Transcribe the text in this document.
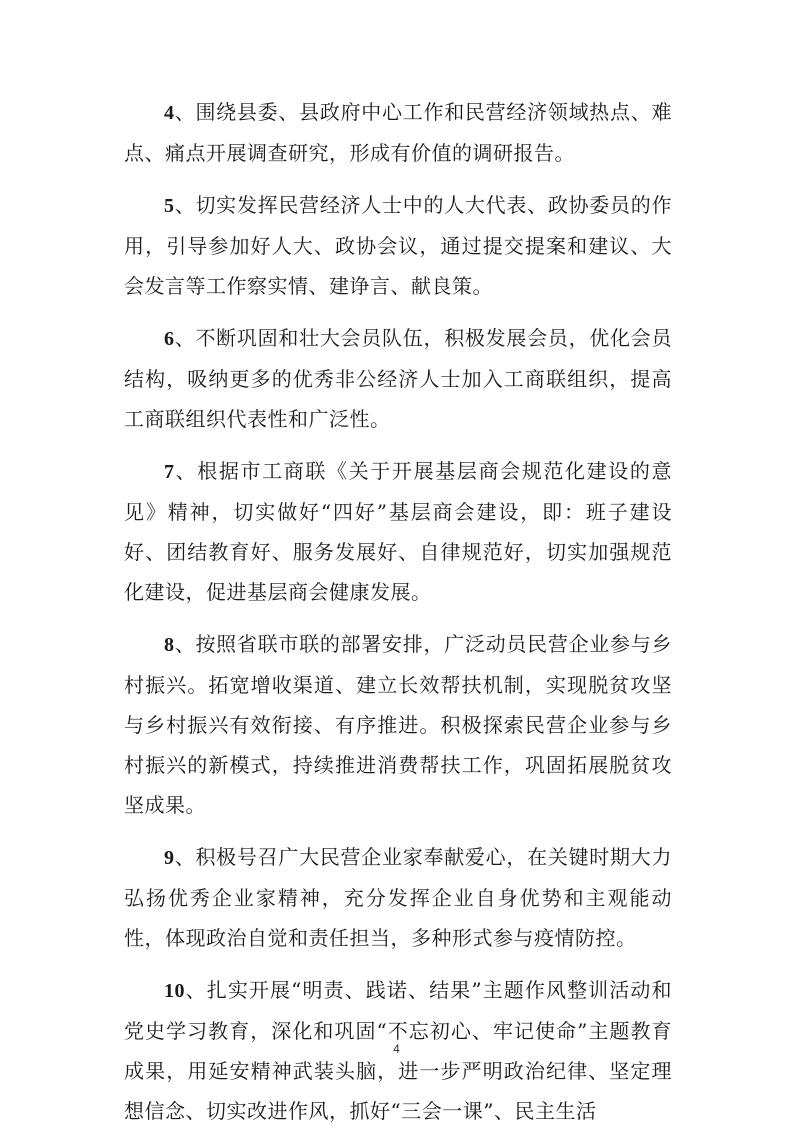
4、围绕县委、县政府中心工作和民营经济领域热点、难点、痛点开展调查研究，形成有价值的调研报告。

5、切实发挥民营经济人士中的人大代表、政协委员的作用，引导参加好人大、政协会议，通过提交提案和建议、大会发言等工作察实情、建诤言、献良策。

6、不断巩固和壮大会员队伍，积极发展会员，优化会员结构，吸纳更多的优秀非公经济人士加入工商联组织，提高工商联组织代表性和广泛性。

7、根据市工商联《关于开展基层商会规范化建设的意见》精神，切实做好“四好”基层商会建设，即：班子建设好、团结教育好、服务发展好、自律规范好，切实加强规范化建设，促进基层商会健康发展。

8、按照省联市联的部署安排，广泛动员民营企业参与乡村振兴。拓宽增收渠道、建立长效帮扶机制，实现脱贫攻坚与乡村振兴有效衔接、有序推进。积极探索民营企业参与乡村振兴的新模式，持续推进消费帮扶工作，巩固拓展脱贫攻坚成果。

9、积极号召广大民营企业家奉献爱心，在关键时期大力弘扬优秀企业家精神，充分发挥企业自身优势和主观能动性，体现政治自觉和责任担当，多种形式参与疫情防控。

10、扎实开展“明责、践诺、结果”主题作风整训活动和党史学习教育，深化和巩固“不忘初心、牢记使命”主题教育成果，用延安精神武装头脑，进一步严明政治纪律、坚定理想信念、切实改进作风，抓好“三会一课”、民主生活

4
